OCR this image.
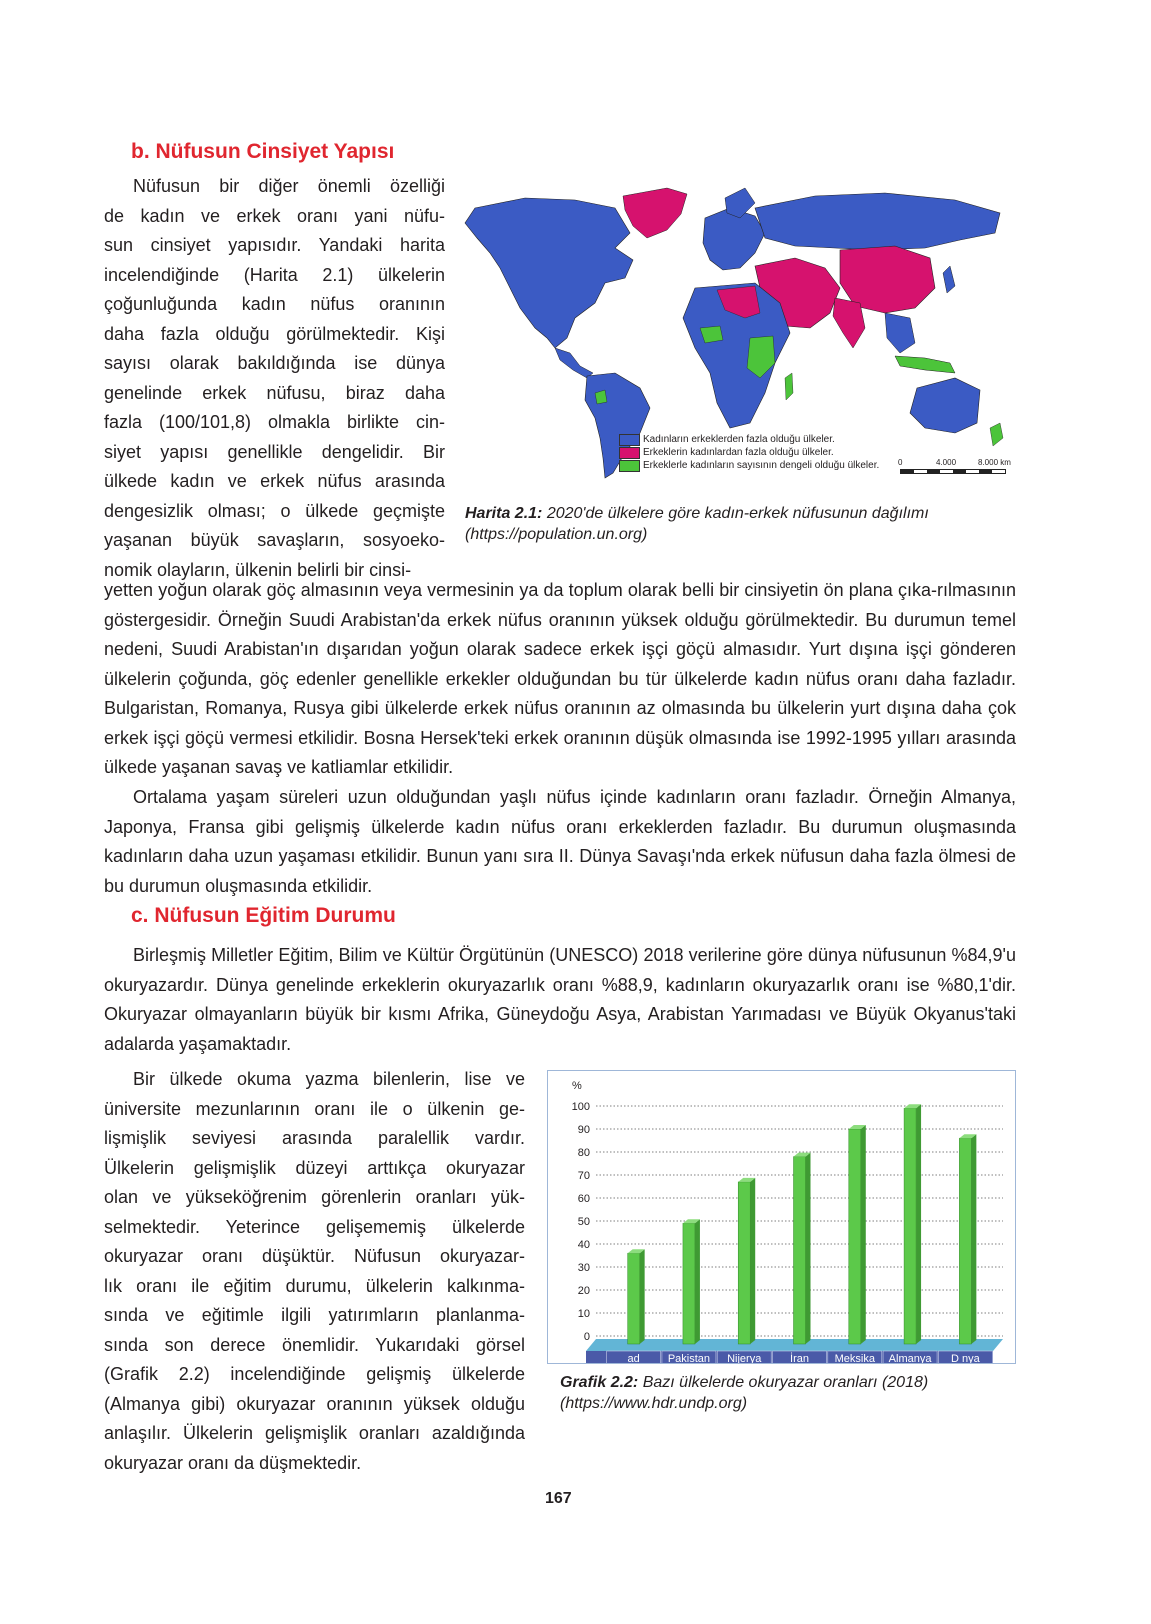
b. Nüfusun Cinsiyet Yapısı
Nüfusun bir diğer önemli özelliği
de kadın ve erkek oranı yani nüfu-
sun cinsiyet yapısıdır. Yandaki harita
incelendiğinde (Harita 2.1) ülkelerin
çoğunluğunda kadın nüfus oranının
daha fazla olduğu görülmektedir. Kişi
sayısı olarak bakıldığında ise dünya
genelinde erkek nüfusu, biraz daha
fazla (100/101,8) olmakla birlikte cin-
siyet yapısı genellikle dengelidir. Bir
ülkede kadın ve erkek nüfus arasında
dengesizlik olması; o ülkede geçmişte
yaşanan büyük savaşların, sosyoeko-
nomik olayların, ülkenin belirli bir cinsi-
Kadınların erkeklerden fazla olduğu ülkeler.
Erkeklerin kadınlardan fazla olduğu ülkeler.
Erkeklerle kadınların sayısının dengeli olduğu ülkeler. 0	4.000	8.000 km
Harita 2.1: 2020'de ülkelere göre kadın-erkek nüfusunun dağılımı
(https://population.un.org)

yetten yoğun olarak göç almasının veya vermesinin ya da toplum olarak belli bir cinsiyetin ön plana çıka-rılmasının göstergesidir. Örneğin Suudi Arabistan'da erkek nüfus oranının yüksek olduğu görülmektedir. Bu durumun temel nedeni, Suudi Arabistan'ın dışarıdan yoğun olarak sadece erkek işçi göçü almasıdır. Yurt dışına işçi gönderen ülkelerin çoğunda, göç edenler genellikle erkekler olduğundan bu tür ülkelerde kadın nüfus oranı daha fazladır. Bulgaristan, Romanya, Rusya gibi ülkelerde erkek nüfus oranının az olmasında bu ülkelerin yurt dışına daha çok erkek işçi göçü vermesi etkilidir. Bosna Hersek'teki erkek oranının düşük olmasında ise 1992-1995 yılları arasında ülkede yaşanan savaş ve katliamlar etkilidir.

Ortalama yaşam süreleri uzun olduğundan yaşlı nüfus içinde kadınların oranı fazladır. Örneğin Almanya, Japonya, Fransa gibi gelişmiş ülkelerde kadın nüfus oranı erkeklerden fazladır. Bu durumun oluşmasında kadınların daha uzun yaşaması etkilidir. Bunun yanı sıra II. Dünya Savaşı'nda erkek nüfusun daha fazla ölmesi de bu durumun oluşmasında etkilidir.

c. Nüfusun Eğitim Durumu

Birleşmiş Milletler Eğitim, Bilim ve Kültür Örgütünün (UNESCO) 2018 verilerine göre dünya nüfusunun %84,9'u okuryazardır. Dünya genelinde erkeklerin okuryazarlık oranı %88,9, kadınların okuryazarlık oranı ise %80,1'dir. Okuryazar olmayanların büyük bir kısmı Afrika, Güneydoğu Asya, Arabistan Yarımadası ve Büyük Okyanus'taki adalarda yaşamaktadır.

Bir ülkede okuma yazma bilenlerin, lise ve
üniversite mezunlarının oranı ile o ülkenin ge-
lişmişlik seviyesi arasında paralellik vardır.
Ülkelerin gelişmişlik düzeyi arttıkça okuryazar
olan ve yükseköğrenim görenlerin oranları yük-
selmektedir. Yeterince gelişememiş ülkelerde
okuryazar oranı düşüktür. Nüfusun okuryazar-
lık oranı ile eğitim durumu, ülkelerin kalkınma-
sında ve eğitimle ilgili yatırımların planlanma-
sında son derece önemlidir. Yukarıdaki görsel
(Grafik 2.2) incelendiğinde gelişmiş ülkelerde
(Almanya gibi) okuryazar oranının yüksek olduğu
anlaşılır. Ülkelerin gelişmişlik oranları azaldığında
okuryazar oranı da düşmektedir.
%
0
10
20
30
40
50
60
70
80
90
100
ad	Pakistan Nijerya	İran Meksika Almanya D nya
Grafik 2.2: Bazı ülkelerde okuryazar oranları (2018)
(https://www.hdr.undp.org)
167
